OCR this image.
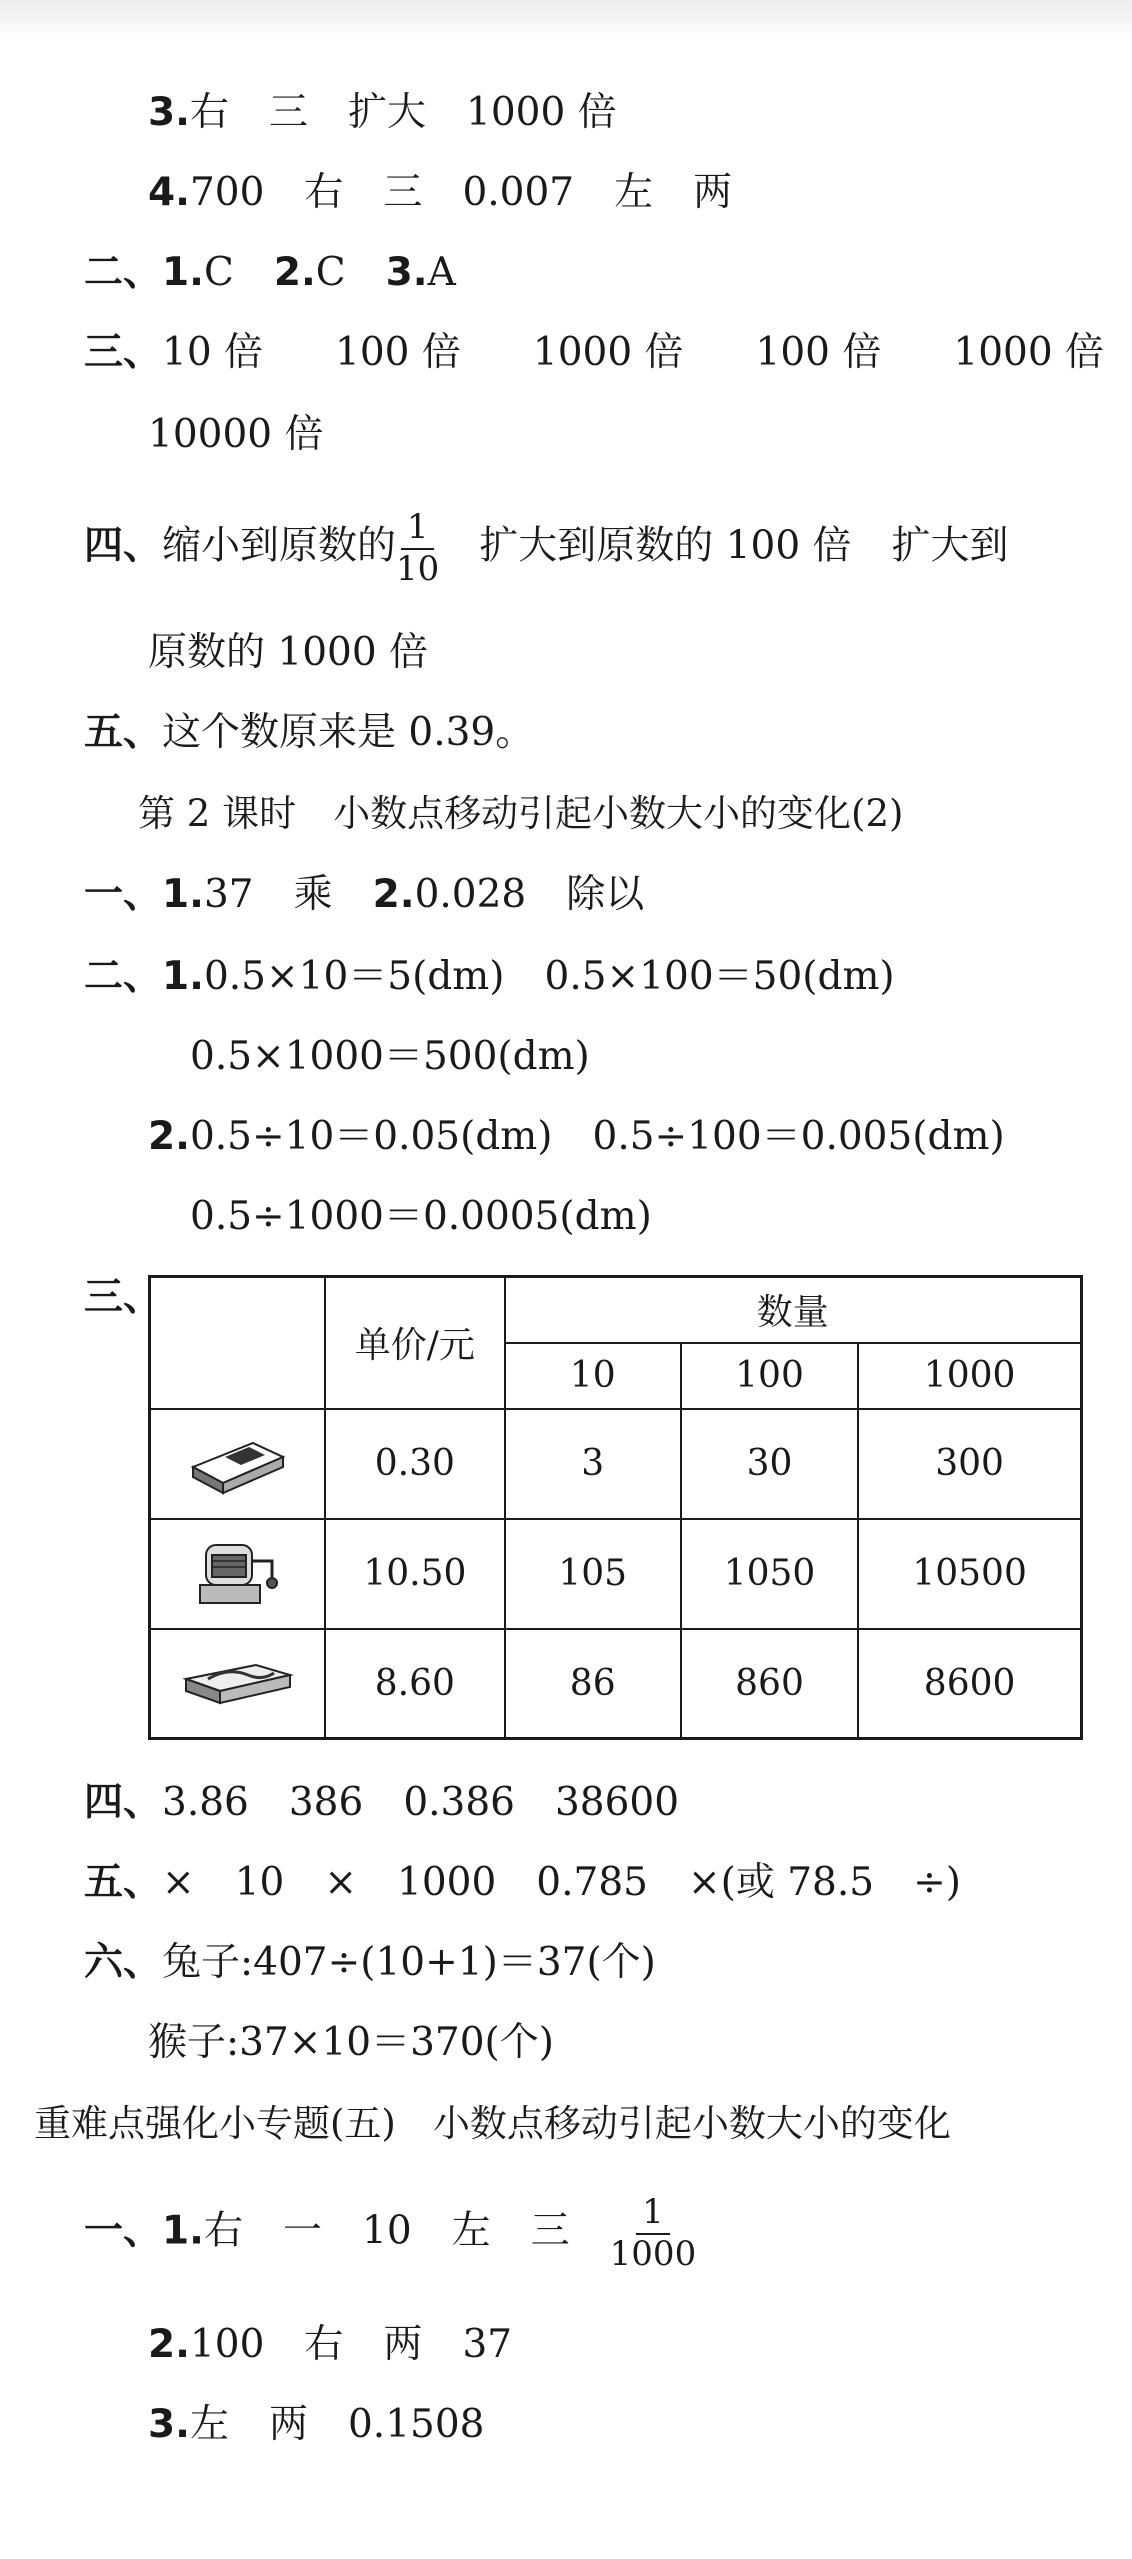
3.右 三 扩大 1000 倍
4.700 右 三 0.007 左 两
二、1.C 2.C 3.A
三、10 倍 100 倍 1000 倍 100 倍 1000 倍
10000 倍
四、缩小到原数的 $\frac{1}{10}$ 扩大到原数的 100 倍 扩大到
原数的 1000 倍
五、这个数原来是 0.39。
第 2 课时　小数点移动引起小数大小的变化(2)
一、1.37 乘 2.0.028 除以
二、1.0.5×10＝5(dm) 0.5×100＝50(dm)
0.5×1000＝500(dm)
2.0.5÷10＝0.05(dm) 0.5÷100＝0.005(dm)
0.5÷1000＝0.0005(dm)
三、
	单价/元	数量		
		10	100	1000

	0.30	3	30	300

	10.50	105	1050	10500

	8.60	86	860	8600
四、3.86 386 0.386 38600
五、× 10 × 1000 0.785 ×(或 78.5　÷)
六、兔子:407÷(10+1)＝37(个)
猴子:37×10＝370(个)
重难点强化小专题(五)　小数点移动引起小数大小的变化
一、1.右 一 10 左 三 $\frac{1}{1000}$
2.100 右 两 37
3.左 两 0.1508
